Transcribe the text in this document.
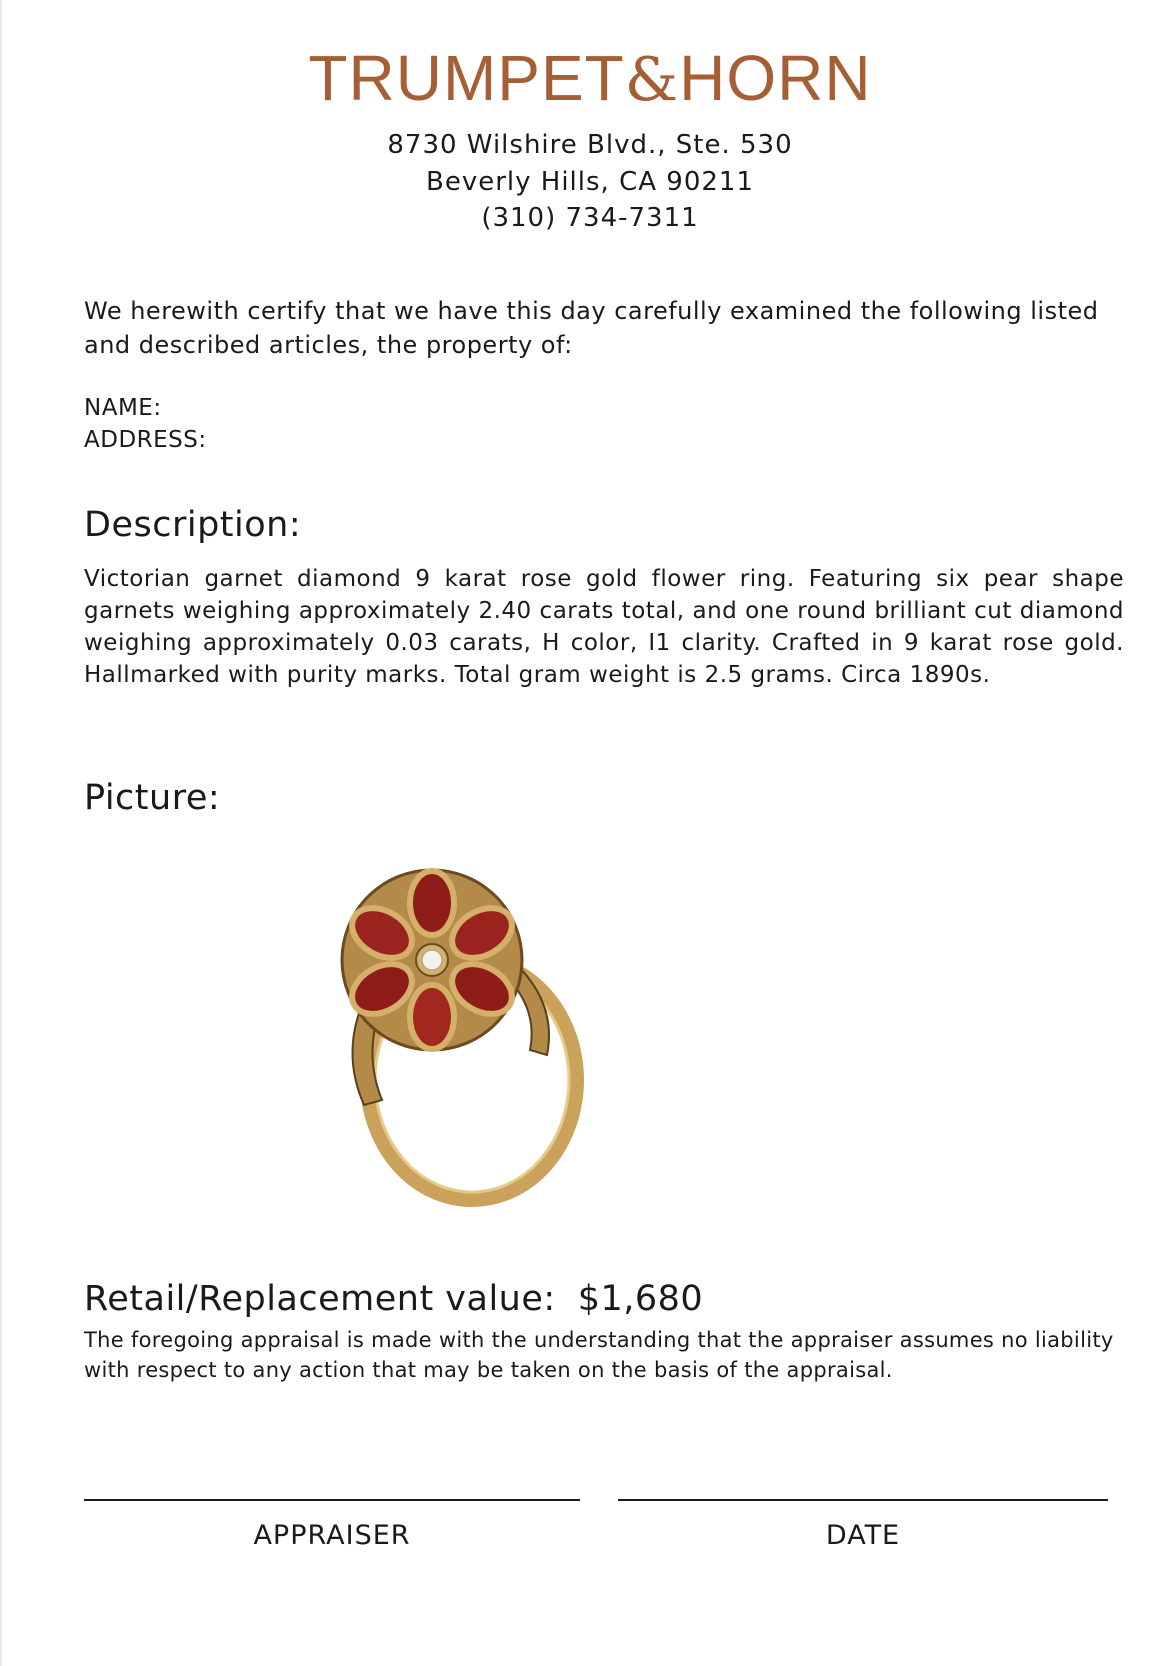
TRUMPET&HORN
8730 Wilshire Blvd., Ste. 530
Beverly Hills, CA 90211
(310) 734-7311
We herewith certify that we have this day carefully examined the following listed and described articles, the property of:
NAME:
ADDRESS:
Description:
Victorian garnet diamond 9 karat rose gold flower ring. Featuring six pear shape garnets weighing approximately 2.40 carats total, and one round brilliant cut diamond weighing approximately 0.03 carats, H color, I1 clarity. Crafted in 9 karat rose gold. Hallmarked with purity marks. Total gram weight is 2.5 grams. Circa 1890s.
Picture:
Retail/Replacement value: $1,680
The foregoing appraisal is made with the understanding that the appraiser assumes no liability with respect to any action that may be taken on the basis of the appraisal.
APPRAISER	DATE
